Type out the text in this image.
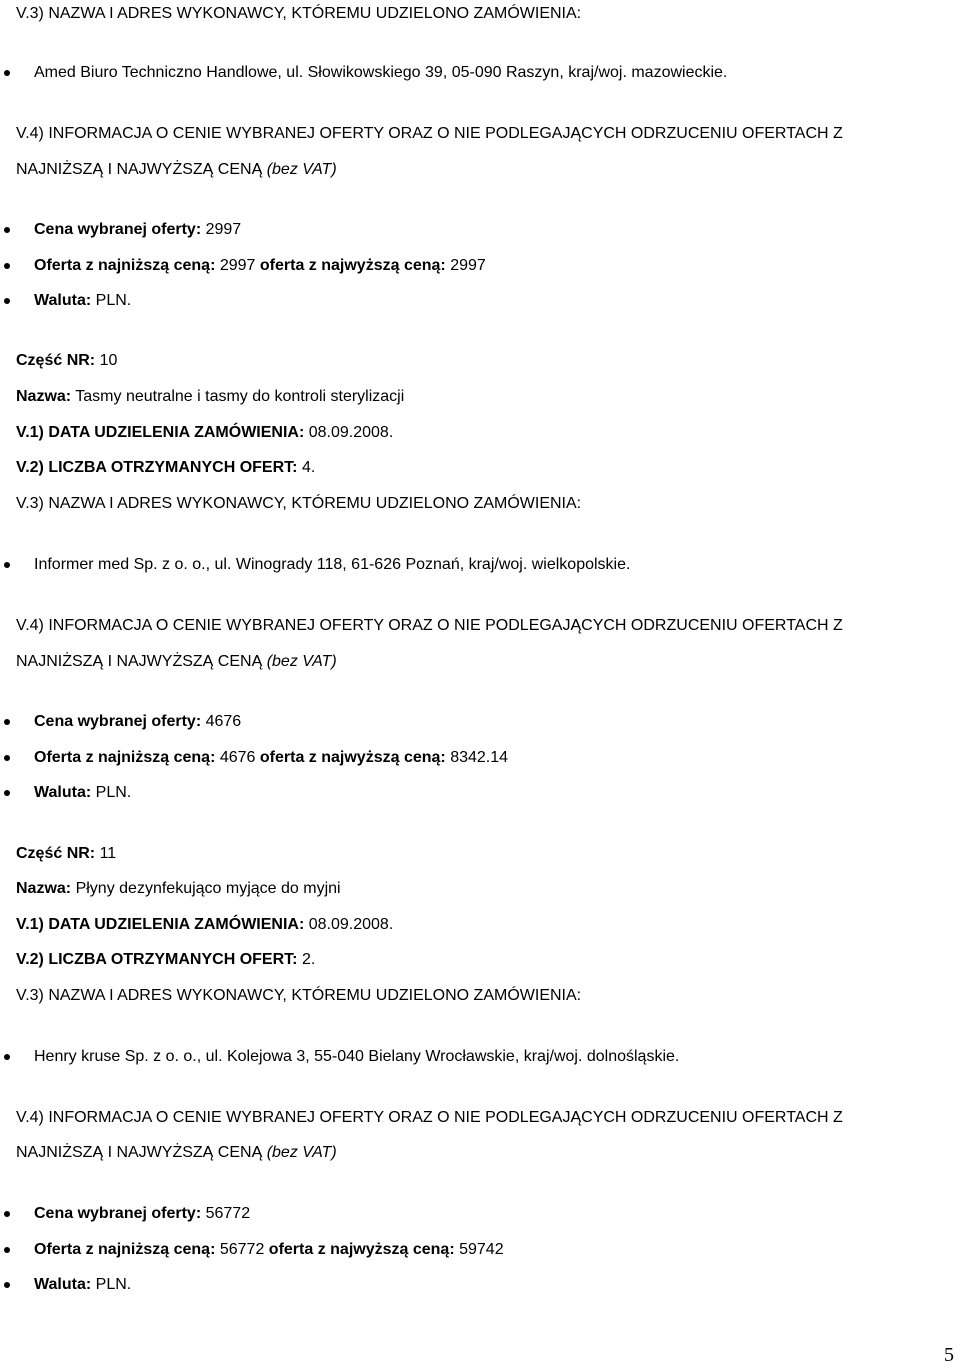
V.3) NAZWA I ADRES WYKONAWCY, KTÓREMU UDZIELONO ZAMÓWIENIA:
Amed Biuro Techniczno Handlowe, ul. Słowikowskiego 39, 05-090 Raszyn, kraj/woj. mazowieckie.
V.4) INFORMACJA O CENIE WYBRANEJ OFERTY ORAZ O NIE PODLEGAJĄCYCH ODRZUCENIU OFERTACH Z
NAJNIŻSZĄ I NAJWYŻSZĄ CENĄ (bez VAT)
Cena wybranej oferty: 2997
Oferta z najniższą ceną: 2997 oferta z najwyższą ceną: 2997
Waluta: PLN.
Część NR: 10
Nazwa: Tasmy neutralne i tasmy do kontroli sterylizacji
V.1) DATA UDZIELENIA ZAMÓWIENIA: 08.09.2008.
V.2) LICZBA OTRZYMANYCH OFERT: 4.
V.3) NAZWA I ADRES WYKONAWCY, KTÓREMU UDZIELONO ZAMÓWIENIA:
Informer med Sp. z o. o., ul. Winogrady 118, 61-626 Poznań, kraj/woj. wielkopolskie.
V.4) INFORMACJA O CENIE WYBRANEJ OFERTY ORAZ O NIE PODLEGAJĄCYCH ODRZUCENIU OFERTACH Z
NAJNIŻSZĄ I NAJWYŻSZĄ CENĄ (bez VAT)
Cena wybranej oferty: 4676
Oferta z najniższą ceną: 4676 oferta z najwyższą ceną: 8342.14
Waluta: PLN.
Część NR: 11
Nazwa: Płyny dezynfekująco myjące do myjni
V.1) DATA UDZIELENIA ZAMÓWIENIA: 08.09.2008.
V.2) LICZBA OTRZYMANYCH OFERT: 2.
V.3) NAZWA I ADRES WYKONAWCY, KTÓREMU UDZIELONO ZAMÓWIENIA:
Henry kruse Sp. z o. o., ul. Kolejowa 3, 55-040 Bielany Wrocławskie, kraj/woj. dolnośląskie.
V.4) INFORMACJA O CENIE WYBRANEJ OFERTY ORAZ O NIE PODLEGAJĄCYCH ODRZUCENIU OFERTACH Z
NAJNIŻSZĄ I NAJWYŻSZĄ CENĄ (bez VAT)
Cena wybranej oferty: 56772
Oferta z najniższą ceną: 56772 oferta z najwyższą ceną: 59742
Waluta: PLN.
5
